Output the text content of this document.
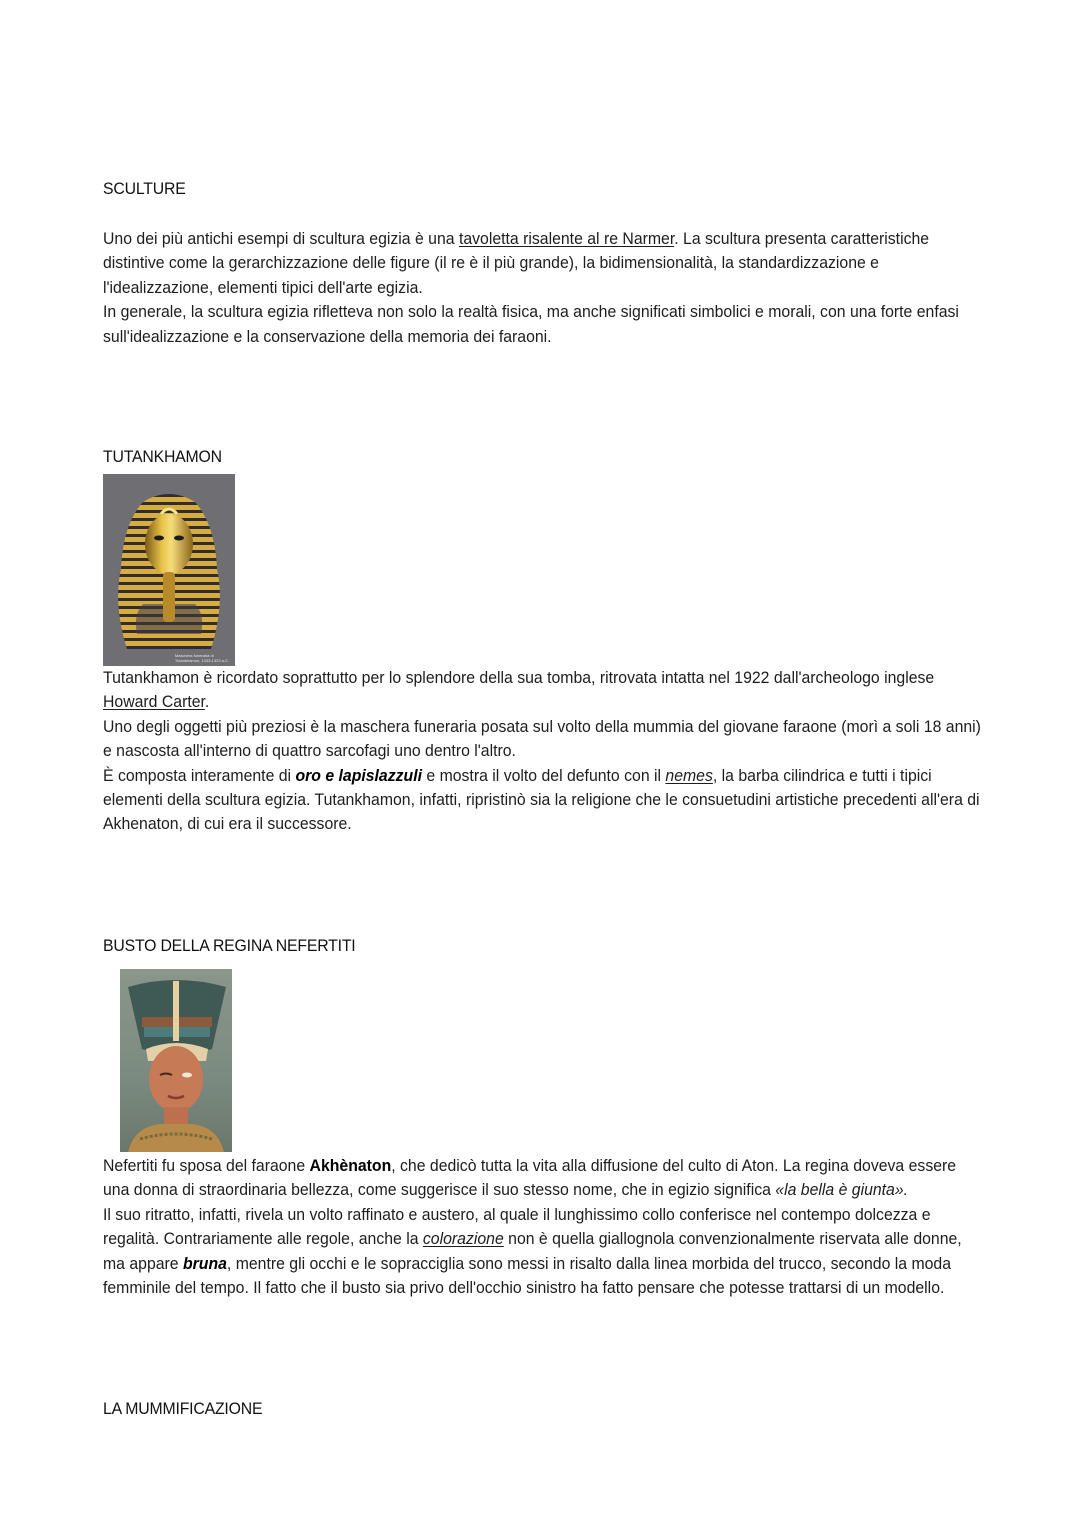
SCULTURE

Uno dei più antichi esempi di scultura egizia è una tavoletta risalente al re Narmer. La scultura presenta caratteristiche distintive come la gerarchizzazione delle figure (il re è il più grande), la bidimensionalità, la standardizzazione e l'idealizzazione, elementi tipici dell'arte egizia.

In generale, la scultura egizia rifletteva non solo la realtà fisica, ma anche significati simbolici e morali, con una forte enfasi sull'idealizzazione e la conservazione della memoria dei faraoni.

TUTANKHAMON
Maschera funeraria di
Tutankhamon, 1333-1323 a.C.

Tutankhamon è ricordato soprattutto per lo splendore della sua tomba, ritrovata intatta nel 1922 dall'archeologo inglese Howard Carter.

Uno degli oggetti più preziosi è la maschera funeraria posata sul volto della mummia del giovane faraone (morì a soli 18 anni) e nascosta all'interno di quattro sarcofagi uno dentro l'altro.

È composta interamente di oro e lapislazzuli e mostra il volto del defunto con il nemes, la barba cilindrica e tutti i tipici elementi della scultura egizia. Tutankhamon, infatti, ripristinò sia la religione che le consuetudini artistiche precedenti all'era di Akhenaton, di cui era il successore.

BUSTO DELLA REGINA NEFERTITI

Nefertiti fu sposa del faraone Akhènaton, che dedicò tutta la vita alla diffusione del culto di Aton. La regina doveva essere una donna di straordinaria bellezza, come suggerisce il suo stesso nome, che in egizio significa «la bella è giunta».

Il suo ritratto, infatti, rivela un volto raffinato e austero, al quale il lunghissimo collo conferisce nel contempo dolcezza e regalità. Contrariamente alle regole, anche la colorazione non è quella giallognola convenzionalmente riservata alle donne, ma appare bruna, mentre gli occhi e le sopracciglia sono messi in risalto dalla linea morbida del trucco, secondo la moda femminile del tempo. Il fatto che il busto sia privo dell'occhio sinistro ha fatto pensare che potesse trattarsi di un modello.

LA MUMMIFICAZIONE
